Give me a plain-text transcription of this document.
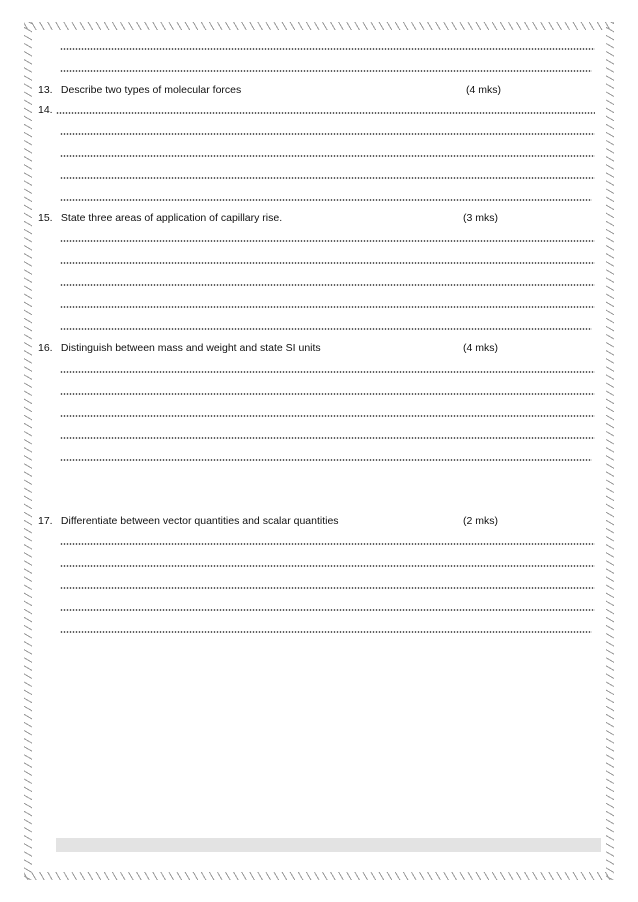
13. Describe two types of molecular forces	(4 mks)
14.
15. State three areas of application of capillary rise.	(3 mks)
16. Distinguish between mass and weight and state SI units	(4 mks)
17. Differentiate between vector quantities and scalar quantities	(2 mks)
